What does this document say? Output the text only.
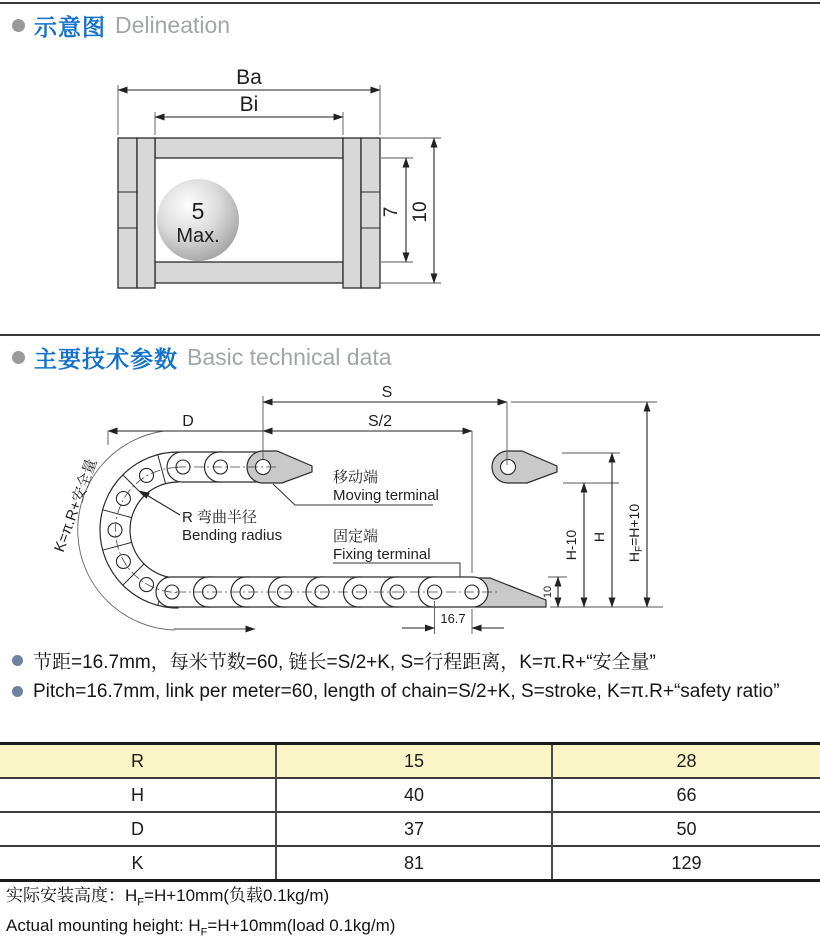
示意图 Delineation
Ba
Bi
7 10
5
Max.
主要技术参数 Basic technical data
S
S/2
D
K=π.R+安全量	R 弯曲半径
Bending radius
移动端
Moving terminal
固定端
Fixing terminal	H-10 H
$H_F=H+10$
10
16.7
节距=16.7mm，每米节数=60, 链长=S/2+K, S=行程距离，K=π.R+“安全量”
Pitch=16.7mm, link per meter=60, length of chain=S/2+K, S=stroke, K=π.R+“safety ratio”
R	15	28
H	40	66
D	37	50
K	81	129
实际安装高度：$H_F=H+10mm$(负载0.1kg/m)
Actual mounting height: $H_F=H+10mm(load$ 0.1kg/m)
